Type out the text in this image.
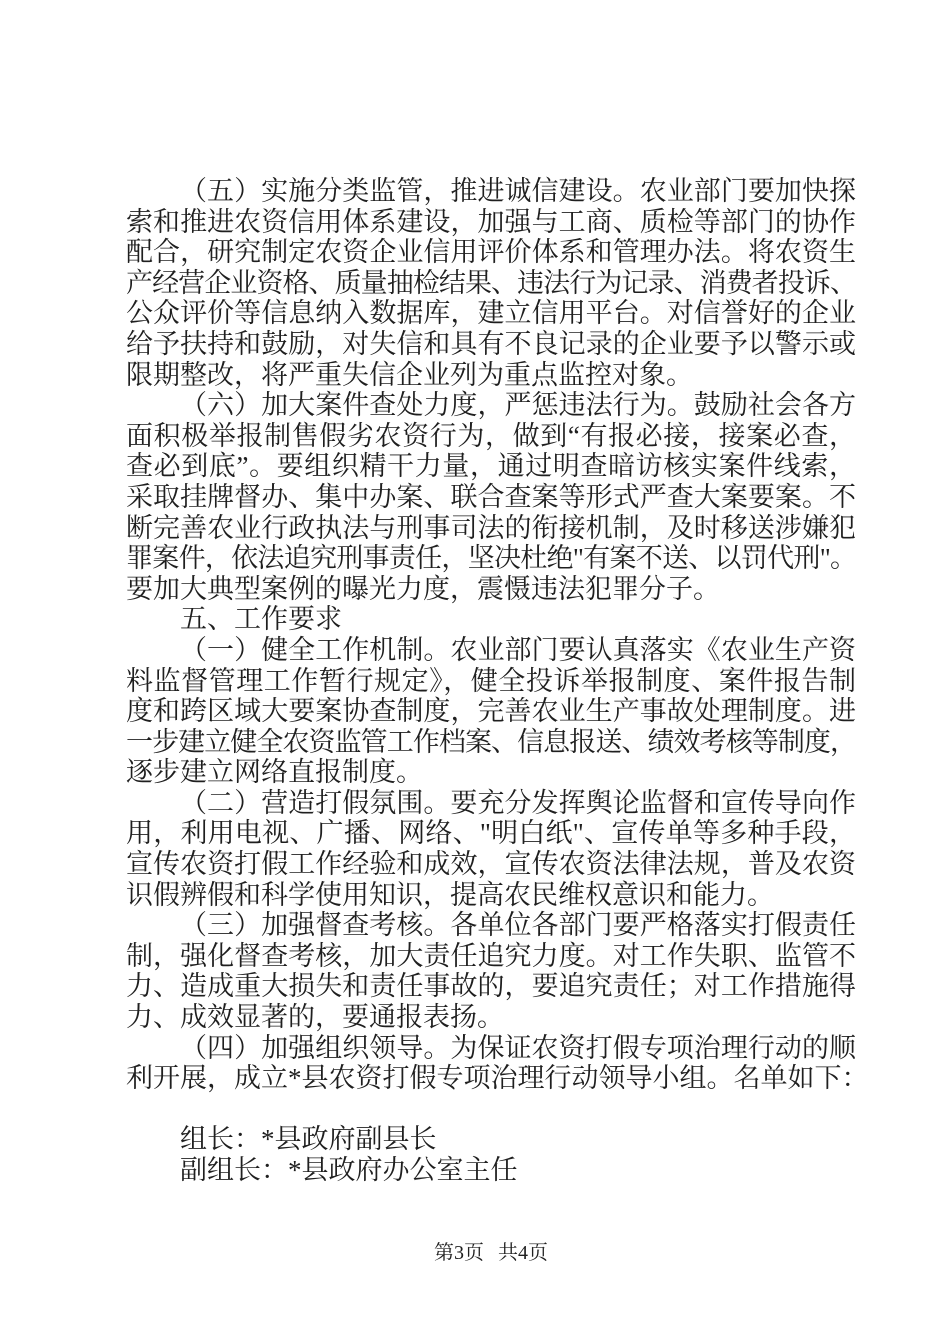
（五）实施分类监管，推进诚信建设。农业部门要加快探
索和推进农资信用体系建设，加强与工商、质检等部门的协作
配合，研究制定农资企业信用评价体系和管理办法。将农资生
产经营企业资格、质量抽检结果、违法行为记录、消费者投诉、
公众评价等信息纳入数据库，建立信用平台。对信誉好的企业
给予扶持和鼓励，对失信和具有不良记录的企业要予以警示或
限期整改，将严重失信企业列为重点监控对象。
（六）加大案件查处力度，严惩违法行为。鼓励社会各方
面积极举报制售假劣农资行为，做到“有报必接，接案必查，
查必到底”。要组织精干力量，通过明查暗访核实案件线索，
采取挂牌督办、集中办案、联合查案等形式严查大案要案。不
断完善农业行政执法与刑事司法的衔接机制，及时移送涉嫌犯
罪案件，依法追究刑事责任，坚决杜绝"有案不送、以罚代刑"。
要加大典型案例的曝光力度，震慑违法犯罪分子。
五、工作要求
（一）健全工作机制。农业部门要认真落实《农业生产资
料监督管理工作暂行规定》，健全投诉举报制度、案件报告制
度和跨区域大要案协查制度，完善农业生产事故处理制度。进
一步建立健全农资监管工作档案、信息报送、绩效考核等制度，
逐步建立网络直报制度。
（二）营造打假氛围。要充分发挥舆论监督和宣传导向作
用，利用电视、广播、网络、"明白纸"、宣传单等多种手段，
宣传农资打假工作经验和成效，宣传农资法律法规，普及农资
识假辨假和科学使用知识，提高农民维权意识和能力。
（三）加强督查考核。各单位各部门要严格落实打假责任
制，强化督查考核，加大责任追究力度。对工作失职、监管不
力、造成重大损失和责任事故的，要追究责任；对工作措施得
力、成效显著的，要通报表扬。
（四）加强组织领导。为保证农资打假专项治理行动的顺
利开展，成立*县农资打假专项治理行动领导小组。名单如下：
组长：*县政府副县长
副组长：*县政府办公室主任
第3页 共4页
